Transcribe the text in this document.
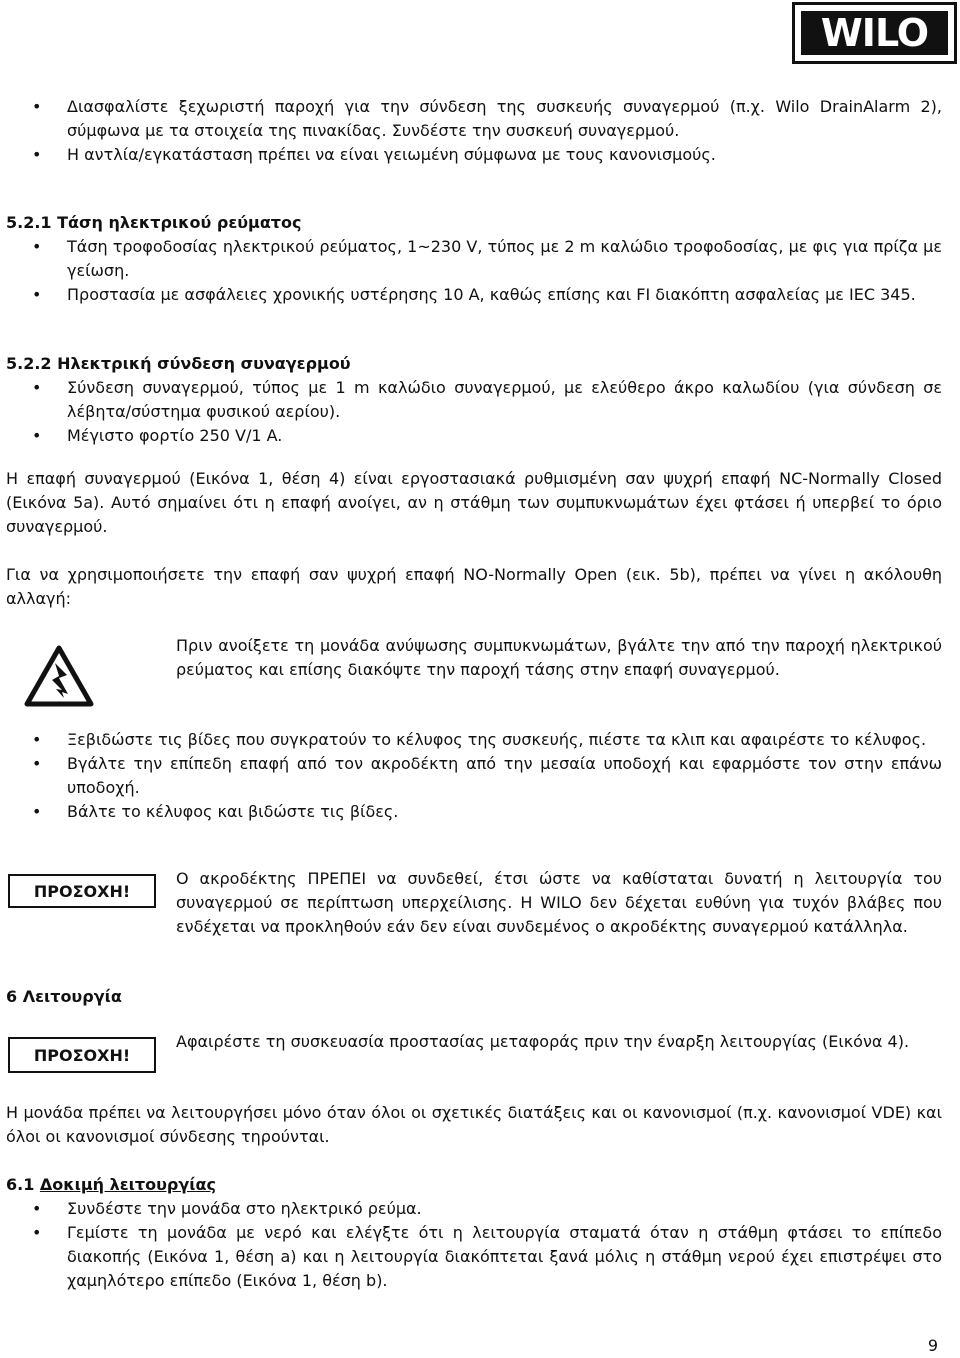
WILO
• Διασφαλίστε ξεχωριστή παροχή για την σύνδεση της συσκευής συναγερμού (π.χ. Wilo DrainAlarm 2), σύμφωνα με τα στοιχεία της πινακίδας. Συνδέστε την συσκευή συναγερμού.
• Η αντλία/εγκατάσταση πρέπει να είναι γειωμένη σύμφωνα με τους κανονισμούς.
5.2.1 Τάση ηλεκτρικού ρεύματος
• Τάση τροφοδοσίας ηλεκτρικού ρεύματος, 1~230 V, τύπος με 2 m καλώδιο τροφοδοσίας, με φις για πρίζα με γείωση.
• Προστασία με ασφάλειες χρονικής υστέρησης 10 A, καθώς επίσης και FI διακόπτη ασφαλείας με IEC 345.
5.2.2 Ηλεκτρική σύνδεση συναγερμού
• Σύνδεση συναγερμού, τύπος με 1 m καλώδιο συναγερμού, με ελεύθερο άκρο καλωδίου (για σύνδεση σε λέβητα/σύστημα φυσικού αερίου).
• Μέγιστο φορτίο 250 V/1 A.
Η επαφή συναγερμού (Εικόνα 1, θέση 4) είναι εργοστασιακά ρυθμισμένη σαν ψυχρή επαφή NC-Normally Closed (Εικόνα 5a). Αυτό σημαίνει ότι η επαφή ανοίγει, αν η στάθμη των συμπυκνωμάτων έχει φτάσει ή υπερβεί το όριο συναγερμού.
Για να χρησιμοποιήσετε την επαφή σαν ψυχρή επαφή NO-Normally Open (εικ. 5b), πρέπει να γίνει η ακόλουθη αλλαγή:
Πριν ανοίξετε τη μονάδα ανύψωσης συμπυκνωμάτων, βγάλτε την από την παροχή ηλεκτρικού ρεύματος και επίσης διακόψτε την παροχή τάσης στην επαφή συναγερμού.
• Ξεβιδώστε τις βίδες που συγκρατούν το κέλυφος της συσκευής, πιέστε τα κλιπ και αφαιρέστε το κέλυφος.
• Βγάλτε την επίπεδη επαφή από τον ακροδέκτη από την μεσαία υποδοχή και εφαρμόστε τον στην επάνω υποδοχή.
• Βάλτε το κέλυφος και βιδώστε τις βίδες.
ΠΡΟΣΟΧΗ!
Ο ακροδέκτης ΠΡΕΠΕΙ να συνδεθεί, έτσι ώστε να καθίσταται δυνατή η λειτουργία του συναγερμού σε περίπτωση υπερχείλισης. Η WILO δεν δέχεται ευθύνη για τυχόν βλάβες που ενδέχεται να προκληθούν εάν δεν είναι συνδεμένος ο ακροδέκτης συναγερμού κατάλληλα.
6 Λειτουργία
ΠΡΟΣΟΧΗ!
Αφαιρέστε τη συσκευασία προστασίας μεταφοράς πριν την έναρξη λειτουργίας (Εικόνα 4).
Η μονάδα πρέπει να λειτουργήσει μόνο όταν όλοι οι σχετικές διατάξεις και οι κανονισμοί (π.χ. κανονισμοί VDE) και όλοι οι κανονισμοί σύνδεσης τηρούνται.
6.1 Δοκιμή λειτουργίας
• Συνδέστε την μονάδα στο ηλεκτρικό ρεύμα.
• Γεμίστε τη μονάδα με νερό και ελέγξτε ότι η λειτουργία σταματά όταν η στάθμη φτάσει το επίπεδο διακοπής (Εικόνα 1, θέση a) και η λειτουργία διακόπτεται ξανά μόλις η στάθμη νερού έχει επιστρέψει στο χαμηλότερο επίπεδο (Εικόνα 1, θέση b).
9
